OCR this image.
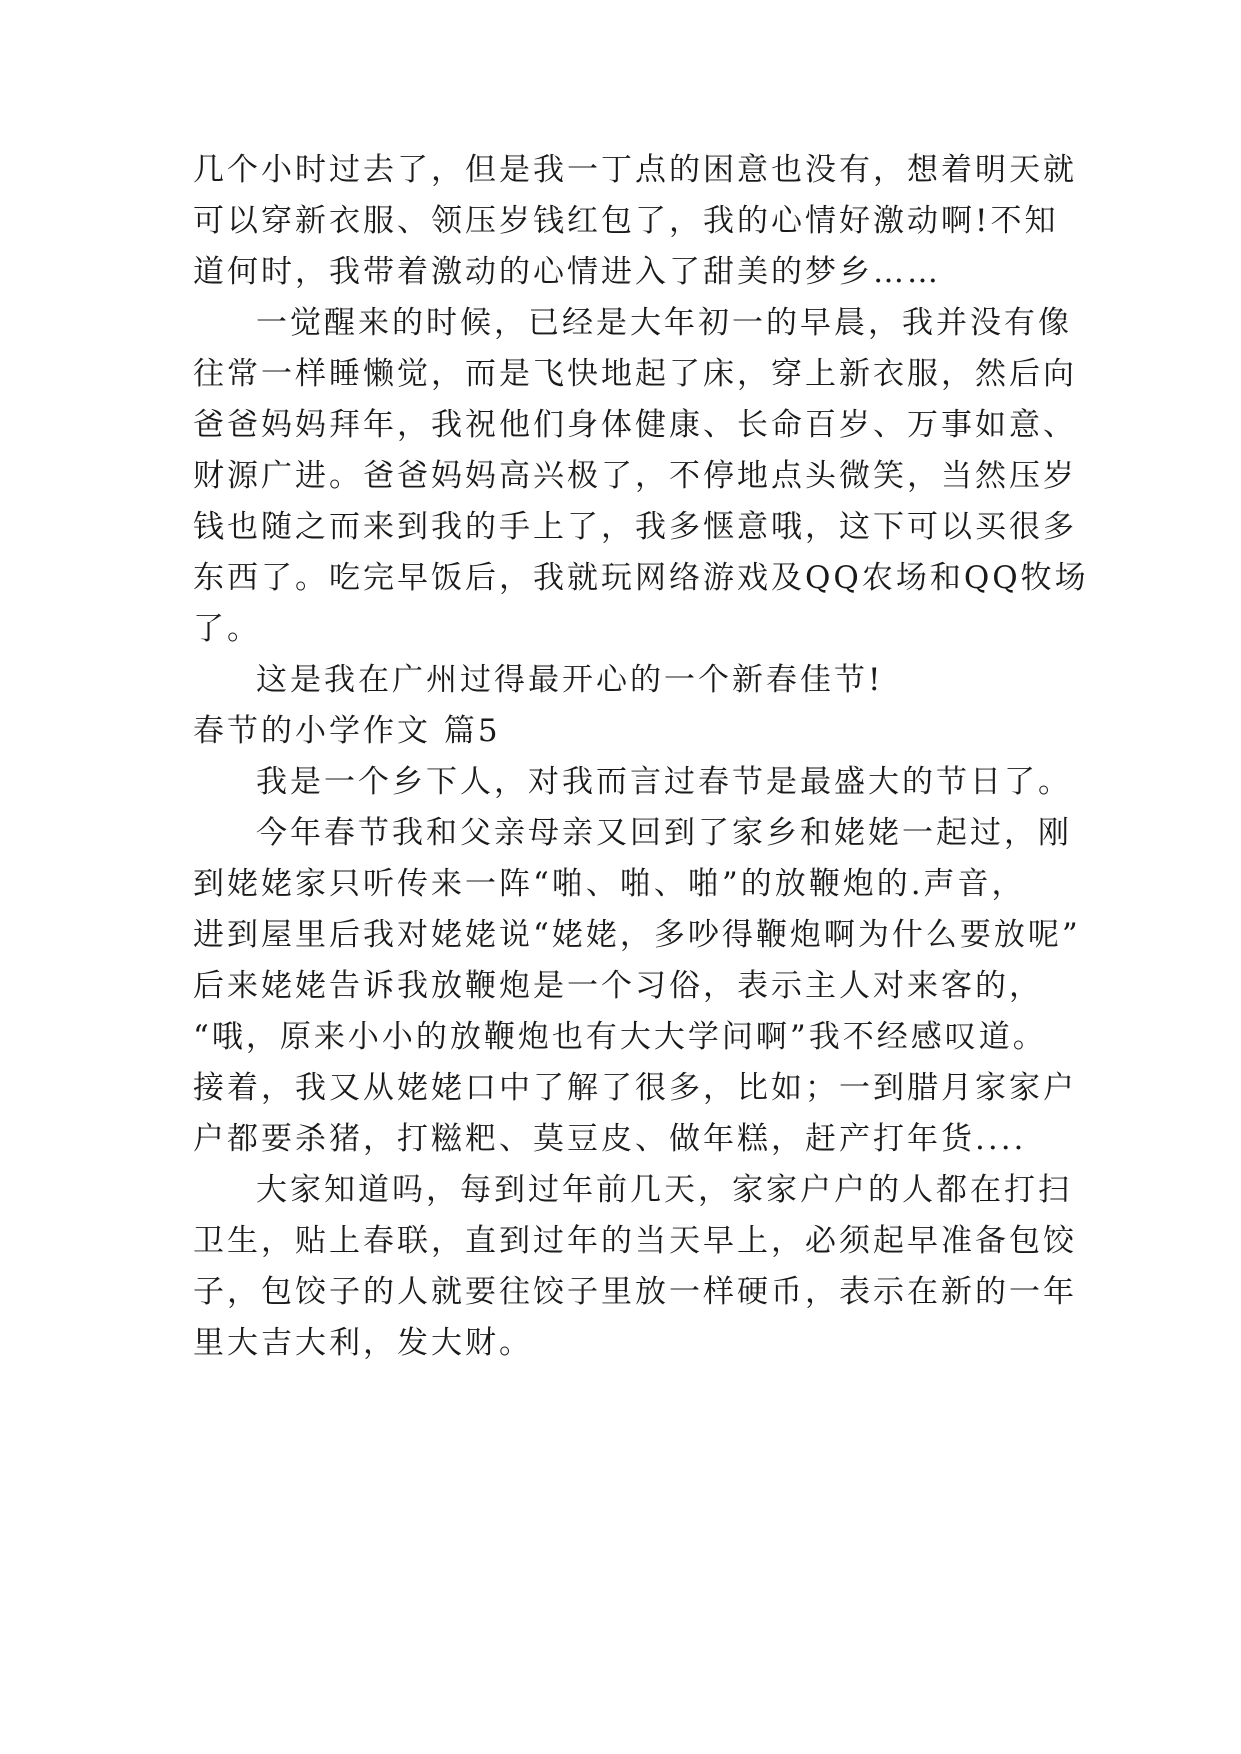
几个小时过去了，但是我一丁点的困意也没有，想着明天就
可以穿新衣服、领压岁钱红包了，我的心情好激动啊!不知
道何时，我带着激动的心情进入了甜美的梦乡……
一觉醒来的时候，已经是大年初一的早晨，我并没有像
往常一样睡懒觉，而是飞快地起了床，穿上新衣服，然后向
爸爸妈妈拜年，我祝他们身体健康、长命百岁、万事如意、
财源广进。爸爸妈妈高兴极了，不停地点头微笑，当然压岁
钱也随之而来到我的手上了，我多惬意哦，这下可以买很多
东西了。吃完早饭后，我就玩网络游戏及QQ农场和QQ牧场
了。
这是我在广州过得最开心的一个新春佳节!
春节的小学作文 篇5
我是一个乡下人，对我而言过春节是最盛大的节日了。
今年春节我和父亲母亲又回到了家乡和姥姥一起过，刚
到姥姥家只听传来一阵“啪、啪、啪”的放鞭炮的.声音，
进到屋里后我对姥姥说“姥姥，多吵得鞭炮啊为什么要放呢”
后来姥姥告诉我放鞭炮是一个习俗，表示主人对来客的，
“哦，原来小小的放鞭炮也有大大学问啊”我不经感叹道。
接着，我又从姥姥口中了解了很多，比如；一到腊月家家户
户都要杀猪，打糍粑、莫豆皮、做年糕，赶产打年货....
大家知道吗，每到过年前几天，家家户户的人都在打扫
卫生，贴上春联，直到过年的当天早上，必须起早准备包饺
子，包饺子的人就要往饺子里放一样硬币，表示在新的一年
里大吉大利，发大财。
